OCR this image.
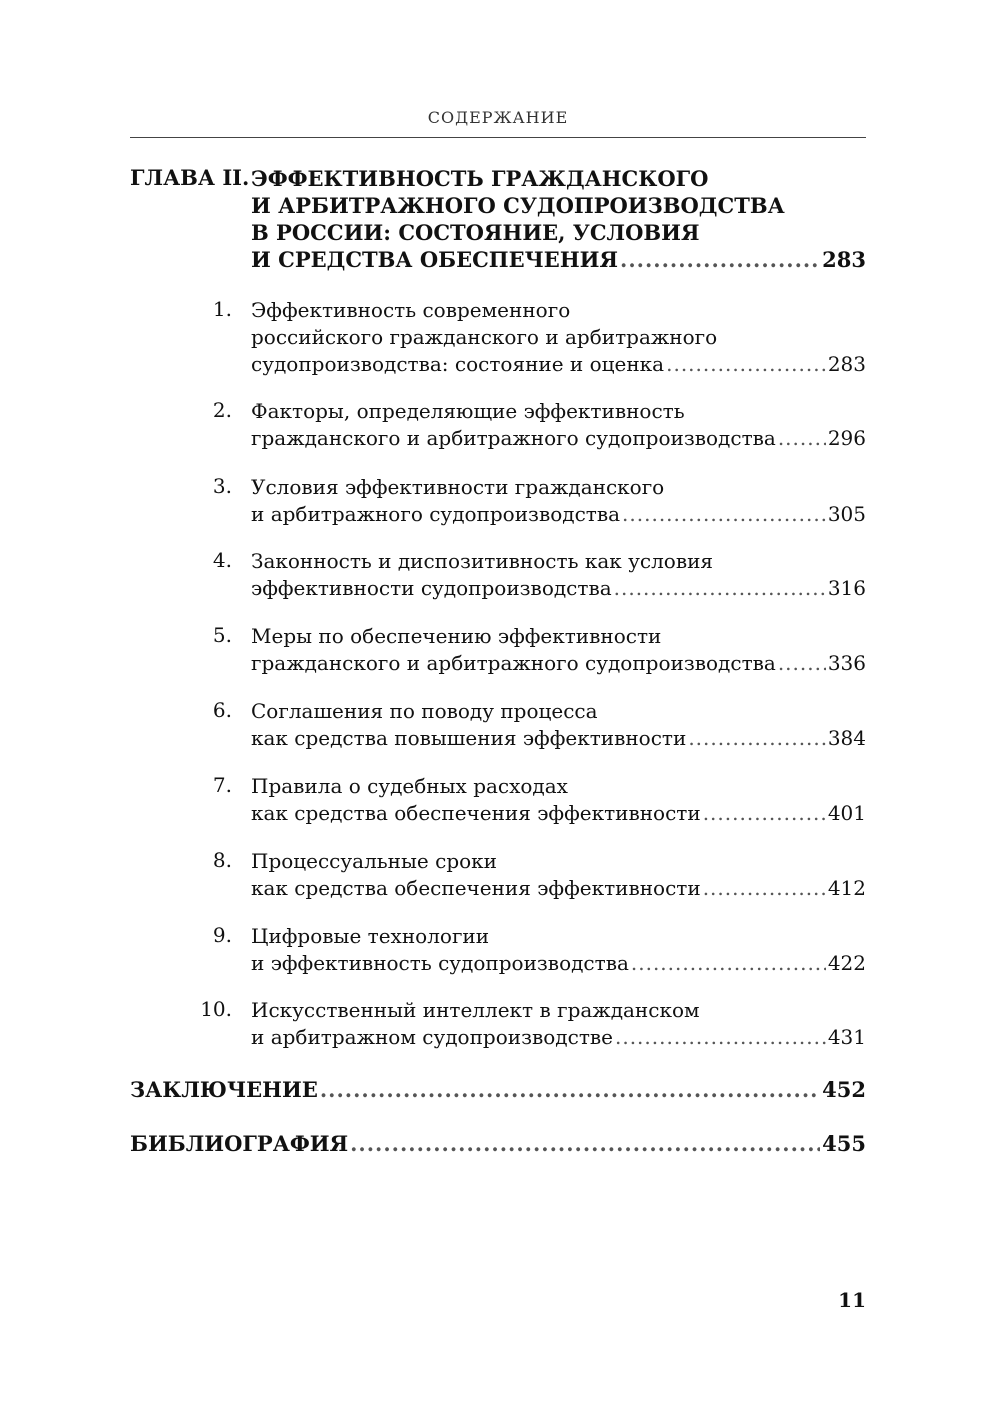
СОДЕРЖАНИЕ
ГЛАВА II. ЭФФЕКТИВНОСТЬ ГРАЖДАНСКОГО
И АРБИТРАЖНОГО СУДОПРОИЗВОДСТВА
В РОССИИ: СОСТОЯНИЕ, УСЛОВИЯ
И СРЕДСТВА ОБЕСПЕЧЕНИЯ .....	283
1. Эффективность современного
российского гражданского и арбитражного
судопроизводства: состояние и оценка .....	283
2. Факторы, определяющие эффективность
гражданского и арбитражного судопроизводства .....	296
3. Условия эффективности гражданского
и арбитражного судопроизводства .....	305
4. Законность и диспозитивность как условия
эффективности судопроизводства .....	316
5. Меры по обеспечению эффективности
гражданского и арбитражного судопроизводства .....	336
6. Соглашения по поводу процесса
как средства повышения эффективности .....	384
7. Правила о судебных расходах
как средства обеспечения эффективности .....	401
8. Процессуальные сроки
как средства обеспечения эффективности .....	412
9. Цифровые технологии
и эффективность судопроизводства .....	422
10. Искусственный интеллект в гражданском
и арбитражном судопроизводстве .....	431
ЗАКЛЮЧЕНИЕ .....	452
БИБЛИОГРАФИЯ .....	455
11
